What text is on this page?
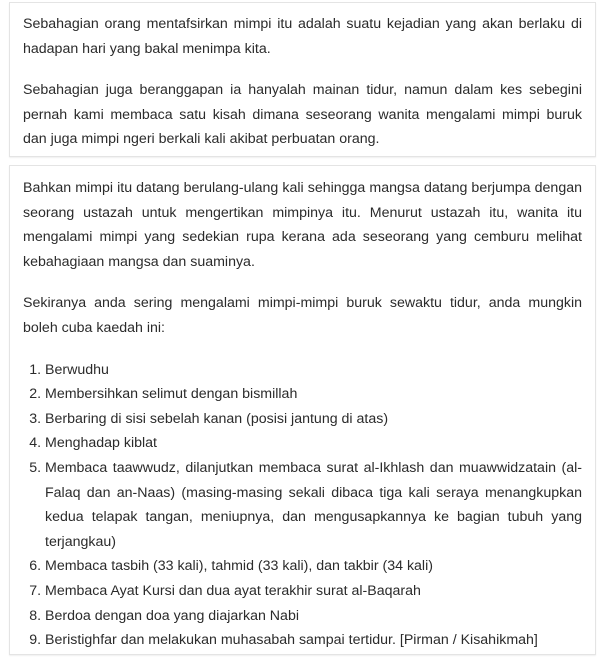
Sebahagian orang mentafsirkan mimpi itu adalah suatu kejadian yang akan berlaku di hadapan hari yang bakal menimpa kita.

Sebahagian juga beranggapan ia hanyalah mainan tidur, namun dalam kes sebegini pernah kami membaca satu kisah dimana seseorang wanita mengalami mimpi buruk dan juga mimpi ngeri berkali kali akibat perbuatan orang.

Bahkan mimpi itu datang berulang-ulang kali sehingga mangsa datang berjumpa dengan seorang ustazah untuk mengertikan mimpinya itu. Menurut ustazah itu, wanita itu mengalami mimpi yang sedekian rupa kerana ada seseorang yang cemburu melihat kebahagiaan mangsa dan suaminya.

Sekiranya anda sering mengalami mimpi-mimpi buruk sewaktu tidur, anda mungkin boleh cuba kaedah ini:

1. Berwudhu
2. Membersihkan selimut dengan bismillah
3. Berbaring di sisi sebelah kanan (posisi jantung di atas)
4. Menghadap kiblat
5. Membaca taawwudz, dilanjutkan membaca surat al-Ikhlash dan muawwidzatain (al-Falaq dan an-Naas) (masing-masing sekali dibaca tiga kali seraya menangkupkan kedua telapak tangan, meniupnya, dan mengusapkannya ke bagian tubuh yang terjangkau)
6. Membaca tasbih (33 kali), tahmid (33 kali), dan takbir (34 kali)
7. Membaca Ayat Kursi dan dua ayat terakhir surat al-Baqarah
8. Berdoa dengan doa yang diajarkan Nabi
9. Beristighfar dan melakukan muhasabah sampai tertidur. [Pirman / Kisahikmah]
